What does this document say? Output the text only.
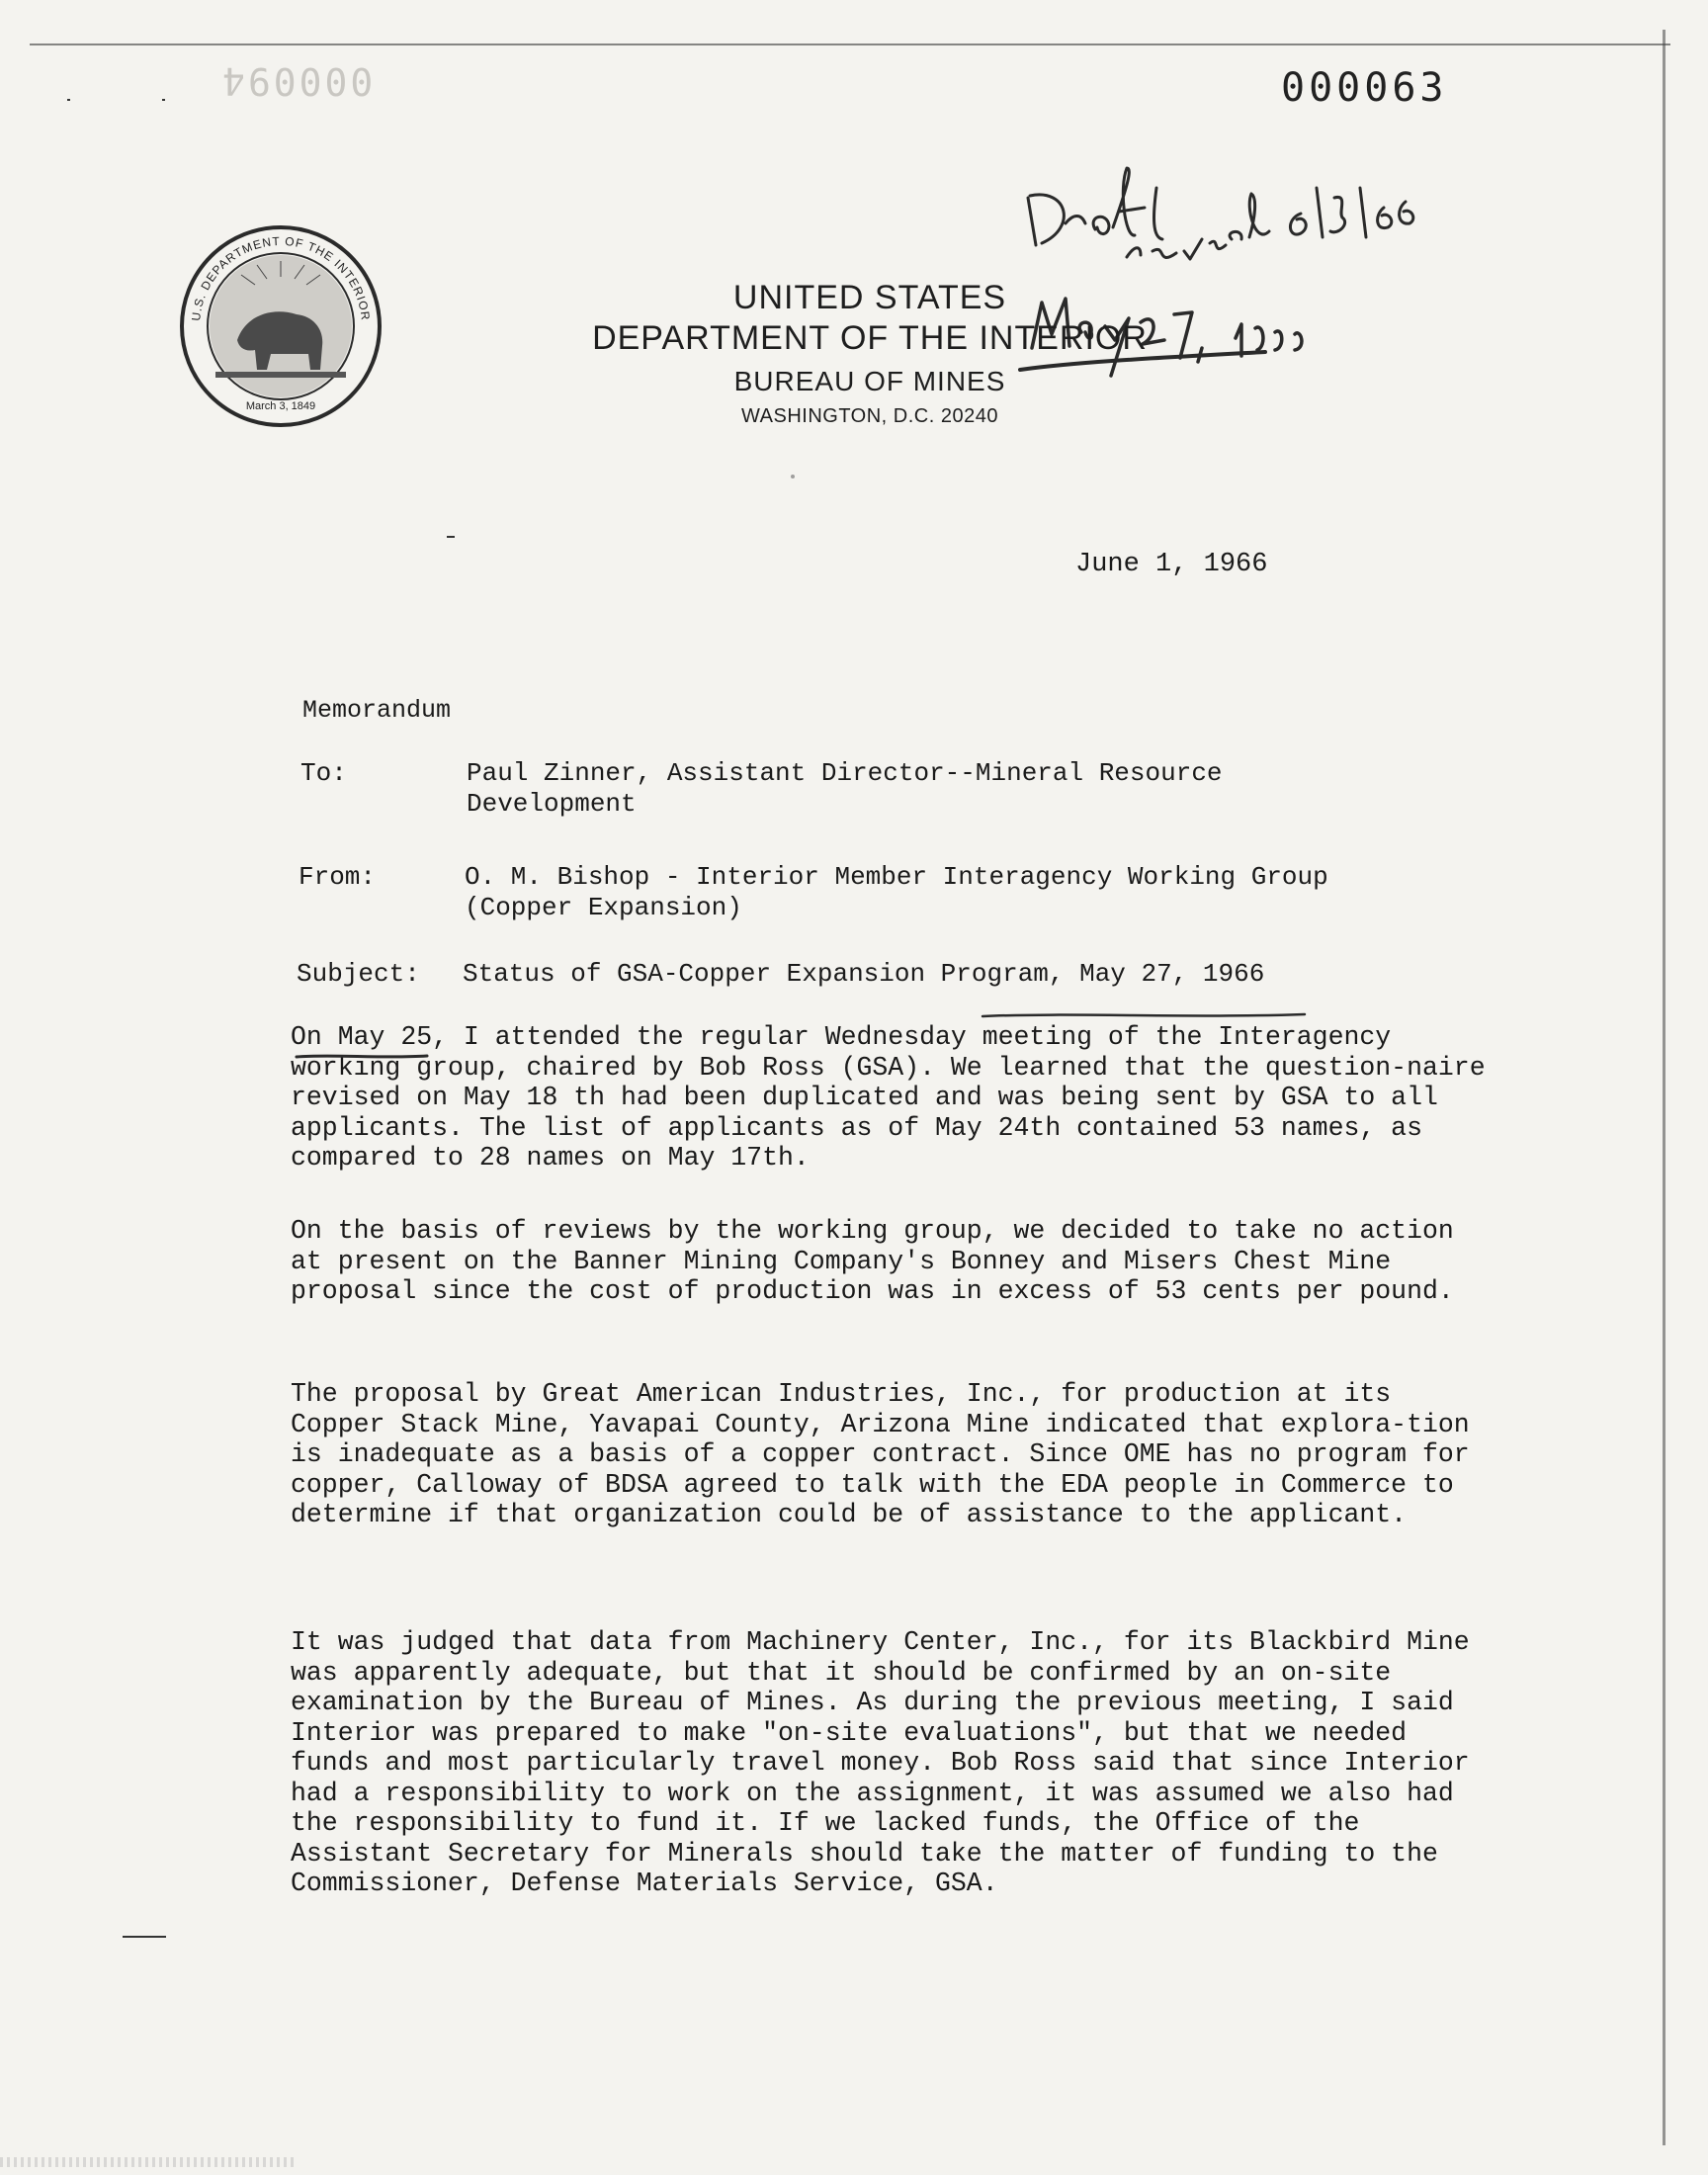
000094	000063
March 3, 1849
U.S. DEPARTMENT OF THE INTERIOR	UNITED STATES
DEPARTMENT OF THE INTERIOR
BUREAU OF MINES
WASHINGTON, D.C. 20240
June 1, 1966
Memorandum
To:	Paul Zinner, Assistant Director--Mineral Resource Development
From:	O. M. Bishop - Interior Member Interagency Working Group (Copper Expansion)
Subject: Status of GSA-Copper Expansion Program, May 27, 1966
On May 25, I attended the regular Wednesday meeting of the Interagency working group, chaired by Bob Ross (GSA). We learned that the question-naire revised on May 18 th had been duplicated and was being sent by GSA to all applicants. The list of applicants as of May 24th contained 53 names, as compared to 28 names on May 17th.
On the basis of reviews by the working group, we decided to take no action at present on the Banner Mining Company's Bonney and Misers Chest Mine proposal since the cost of production was in excess of 53 cents per pound.
The proposal by Great American Industries, Inc., for production at its Copper Stack Mine, Yavapai County, Arizona Mine indicated that explora-tion is inadequate as a basis of a copper contract. Since OME has no program for copper, Calloway of BDSA agreed to talk with the EDA people in Commerce to determine if that organization could be of assistance to the applicant.
It was judged that data from Machinery Center, Inc., for its Blackbird Mine was apparently adequate, but that it should be confirmed by an on-site examination by the Bureau of Mines. As during the previous meeting, I said Interior was prepared to make "on-site evaluations", but that we needed funds and most particularly travel money. Bob Ross said that since Interior had a responsibility to work on the assignment, it was assumed we also had the responsibility to fund it. If we lacked funds, the Office of the Assistant Secretary for Minerals should take the matter of funding to the Commissioner, Defense Materials Service, GSA.
